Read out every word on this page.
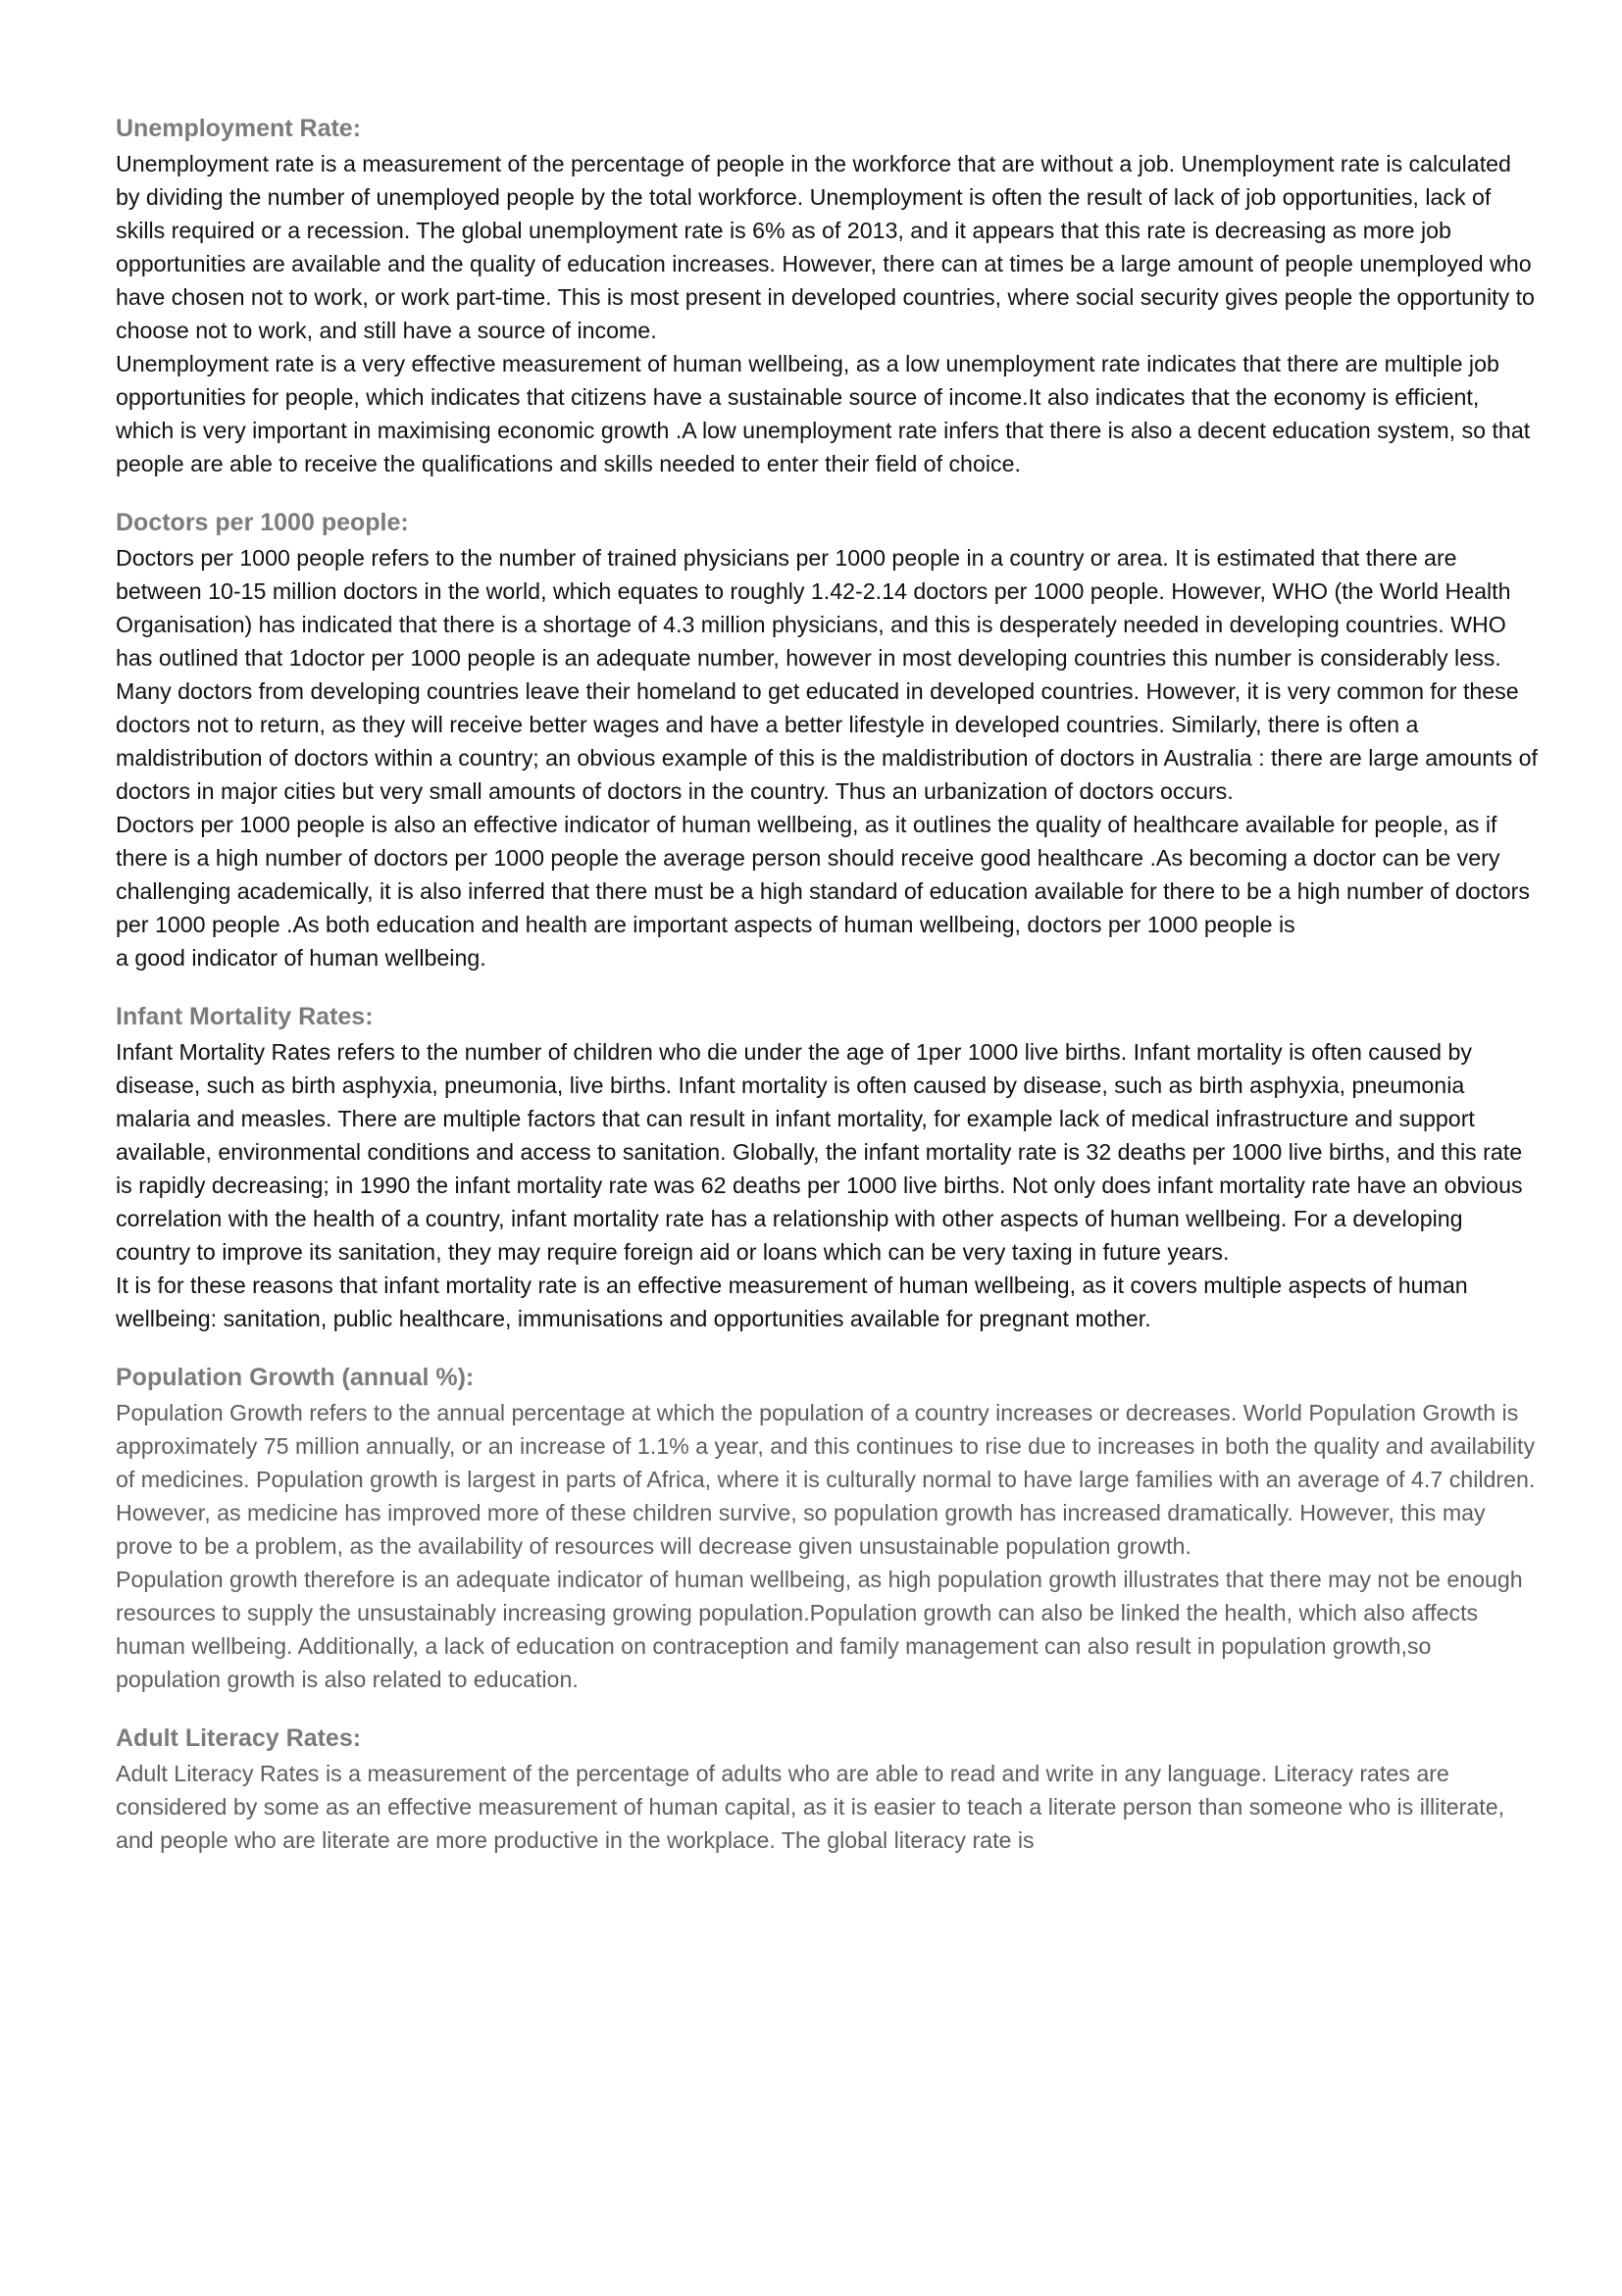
Unemployment Rate:

Unemployment rate is a measurement of the percentage of people in the workforce that are without a job. Unemployment rate is calculated by dividing the number of unemployed people by the total workforce. Unemployment is often the result of lack of job opportunities, lack of skills required or a recession. The global unemployment rate is 6% as of 2013, and it appears that this rate is decreasing as more job opportunities are available and the quality of education increases. However, there can at times be a large amount of people unemployed who have chosen not to work, or work part-time. This is most present in developed countries, where social security gives people the opportunity to choose not to work, and still have a source of income.

Unemployment rate is a very effective measurement of human wellbeing, as a low unemployment rate indicates that there are multiple job opportunities for people, which indicates that citizens have a sustainable source of income.It also indicates that the economy is efficient, which is very important in maximising economic growth .A low unemployment rate infers that there is also a decent education system, so that people are able to receive the qualifications and skills needed to enter their field of choice.

Doctors per 1000 people:

Doctors per 1000 people refers to the number of trained physicians per 1000 people in a country or area. It is estimated that there are between 10-15 million doctors in the world, which equates to roughly 1.42-2.14 doctors per 1000 people. However, WHO (the World Health Organisation) has indicated that there is a shortage of 4.3 million physicians, and this is desperately needed in developing countries. WHO has outlined that 1doctor per 1000 people is an adequate number, however in most developing countries this number is considerably less. Many doctors from developing countries leave their homeland to get educated in developed countries. However, it is very common for these doctors not to return, as they will receive better wages and have a better lifestyle in developed countries. Similarly, there is often a maldistribution of doctors within a country; an obvious example of this is the maldistribution of doctors in Australia : there are large amounts of doctors in major cities but very small amounts of doctors in the country. Thus an urbanization of doctors occurs.

Doctors per 1000 people is also an effective indicator of human wellbeing, as it outlines the quality of healthcare available for people, as if there is a high number of doctors per 1000 people the average person should receive good healthcare .As becoming a doctor can be very challenging academically, it is also inferred that there must be a high standard of education available for there to be a high number of doctors per 1000 people .As both education and health are important aspects of human wellbeing, doctors per 1000 people is

a good indicator of human wellbeing.

Infant Mortality Rates:

Infant Mortality Rates refers to the number of children who die under the age of 1per 1000 live births. Infant mortality is often caused by disease, such as birth asphyxia, pneumonia, live births. Infant mortality is often caused by disease, such as birth asphyxia, pneumonia malaria and measles. There are multiple factors that can result in infant mortality, for example lack of medical infrastructure and support available, environmental conditions and access to sanitation. Globally, the infant mortality rate is 32 deaths per 1000 live births, and this rate is rapidly decreasing; in 1990 the infant mortality rate was 62 deaths per 1000 live births. Not only does infant mortality rate have an obvious correlation with the health of a country, infant mortality rate has a relationship with other aspects of human wellbeing. For a developing country to improve its sanitation, they may require foreign aid or loans which can be very taxing in future years.

It is for these reasons that infant mortality rate is an effective measurement of human wellbeing, as it covers multiple aspects of human wellbeing: sanitation, public healthcare, immunisations and opportunities available for pregnant mother.

Population Growth (annual %):

Population Growth refers to the annual percentage at which the population of a country increases or decreases. World Population Growth is approximately 75 million annually, or an increase of 1.1% a year, and this continues to rise due to increases in both the quality and availability of medicines. Population growth is largest in parts of Africa, where it is culturally normal to have large families with an average of 4.7 children. However, as medicine has improved more of these children survive, so population growth has increased dramatically. However, this may prove to be a problem, as the availability of resources will decrease given unsustainable population growth.

Population growth therefore is an adequate indicator of human wellbeing, as high population growth illustrates that there may not be enough resources to supply the unsustainably increasing growing population.Population growth can also be linked the health, which also affects human wellbeing. Additionally, a lack of education on contraception and family management can also result in population growth,so population growth is also related to education.

Adult Literacy Rates:

Adult Literacy Rates is a measurement of the percentage of adults who are able to read and write in any language. Literacy rates are considered by some as an effective measurement of human capital, as it is easier to teach a literate person than someone who is illiterate, and people who are literate are more productive in the workplace. The global literacy rate is
